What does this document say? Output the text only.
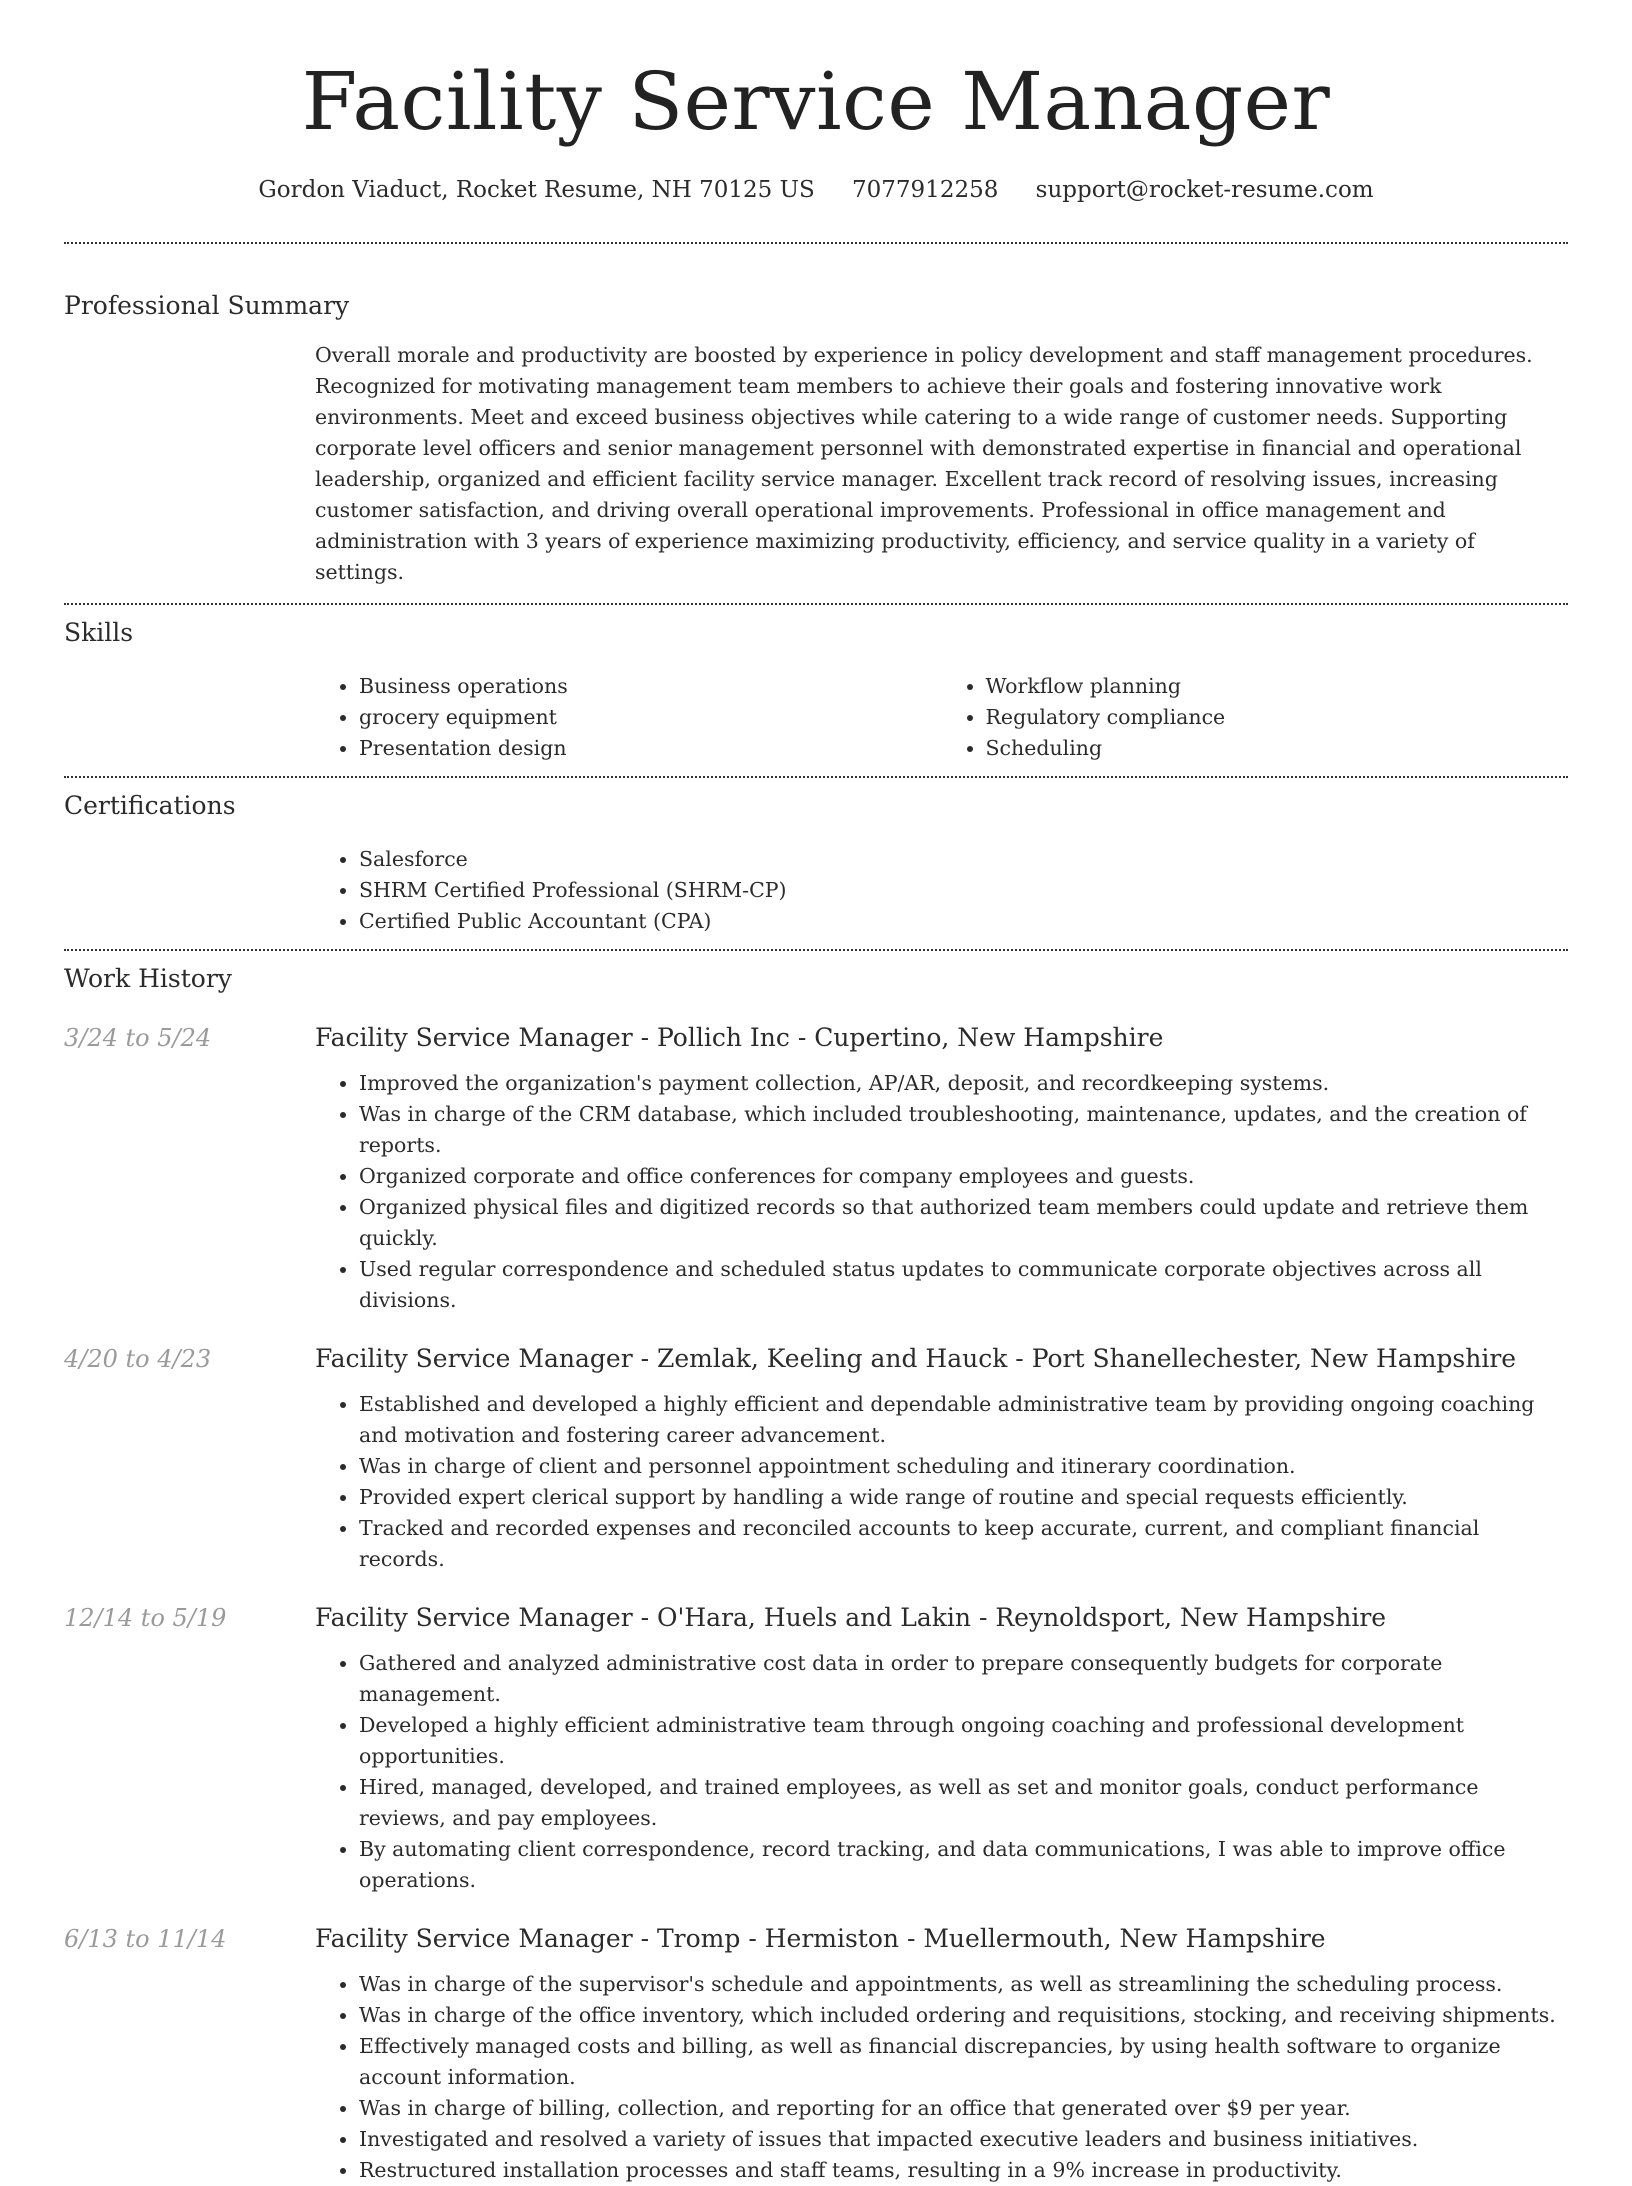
Facility Service Manager
Gordon Viaduct, Rocket Resume, NH 70125 US 7077912258 support@rocket-resume.com
Professional Summary
Overall morale and productivity are boosted by experience in policy development and staff management procedures. Recognized for motivating management team members to achieve their goals and fostering innovative work environments. Meet and exceed business objectives while catering to a wide range of customer needs. Supporting corporate level officers and senior management personnel with demonstrated expertise in financial and operational leadership, organized and efficient facility service manager. Excellent track record of resolving issues, increasing customer satisfaction, and driving overall operational improvements. Professional in office management and administration with 3 years of experience maximizing productivity, efficiency, and service quality in a variety of settings.
Skills
• Business operations
• grocery equipment
• Presentation design
• Workflow planning
• Regulatory compliance
• Scheduling
Certifications
• Salesforce
• SHRM Certified Professional (SHRM-CP)
• Certified Public Accountant (CPA)
Work History
3/24 to 5/24	Facility Service Manager - Pollich Inc - Cupertino, New Hampshire
• Improved the organization's payment collection, AP/AR, deposit, and recordkeeping systems.
• Was in charge of the CRM database, which included troubleshooting, maintenance, updates, and the creation of reports.
• Organized corporate and office conferences for company employees and guests.
• Organized physical files and digitized records so that authorized team members could update and retrieve them quickly.
• Used regular correspondence and scheduled status updates to communicate corporate objectives across all divisions.
4/20 to 4/23	Facility Service Manager - Zemlak, Keeling and Hauck - Port Shanellechester, New Hampshire
• Established and developed a highly efficient and dependable administrative team by providing ongoing coaching and motivation and fostering career advancement.
• Was in charge of client and personnel appointment scheduling and itinerary coordination.
• Provided expert clerical support by handling a wide range of routine and special requests efficiently.
• Tracked and recorded expenses and reconciled accounts to keep accurate, current, and compliant financial records.
12/14 to 5/19	Facility Service Manager - O'Hara, Huels and Lakin - Reynoldsport, New Hampshire
• Gathered and analyzed administrative cost data in order to prepare consequently budgets for corporate management.
• Developed a highly efficient administrative team through ongoing coaching and professional development opportunities.
• Hired, managed, developed, and trained employees, as well as set and monitor goals, conduct performance reviews, and pay employees.
• By automating client correspondence, record tracking, and data communications, I was able to improve office operations.
6/13 to 11/14	Facility Service Manager - Tromp - Hermiston - Muellermouth, New Hampshire
• Was in charge of the supervisor's schedule and appointments, as well as streamlining the scheduling process.
• Was in charge of the office inventory, which included ordering and requisitions, stocking, and receiving shipments.
• Effectively managed costs and billing, as well as financial discrepancies, by using health software to organize account information.
• Was in charge of billing, collection, and reporting for an office that generated over $9 per year.
• Investigated and resolved a variety of issues that impacted executive leaders and business initiatives.
• Restructured installation processes and staff teams, resulting in a 9% increase in productivity.
